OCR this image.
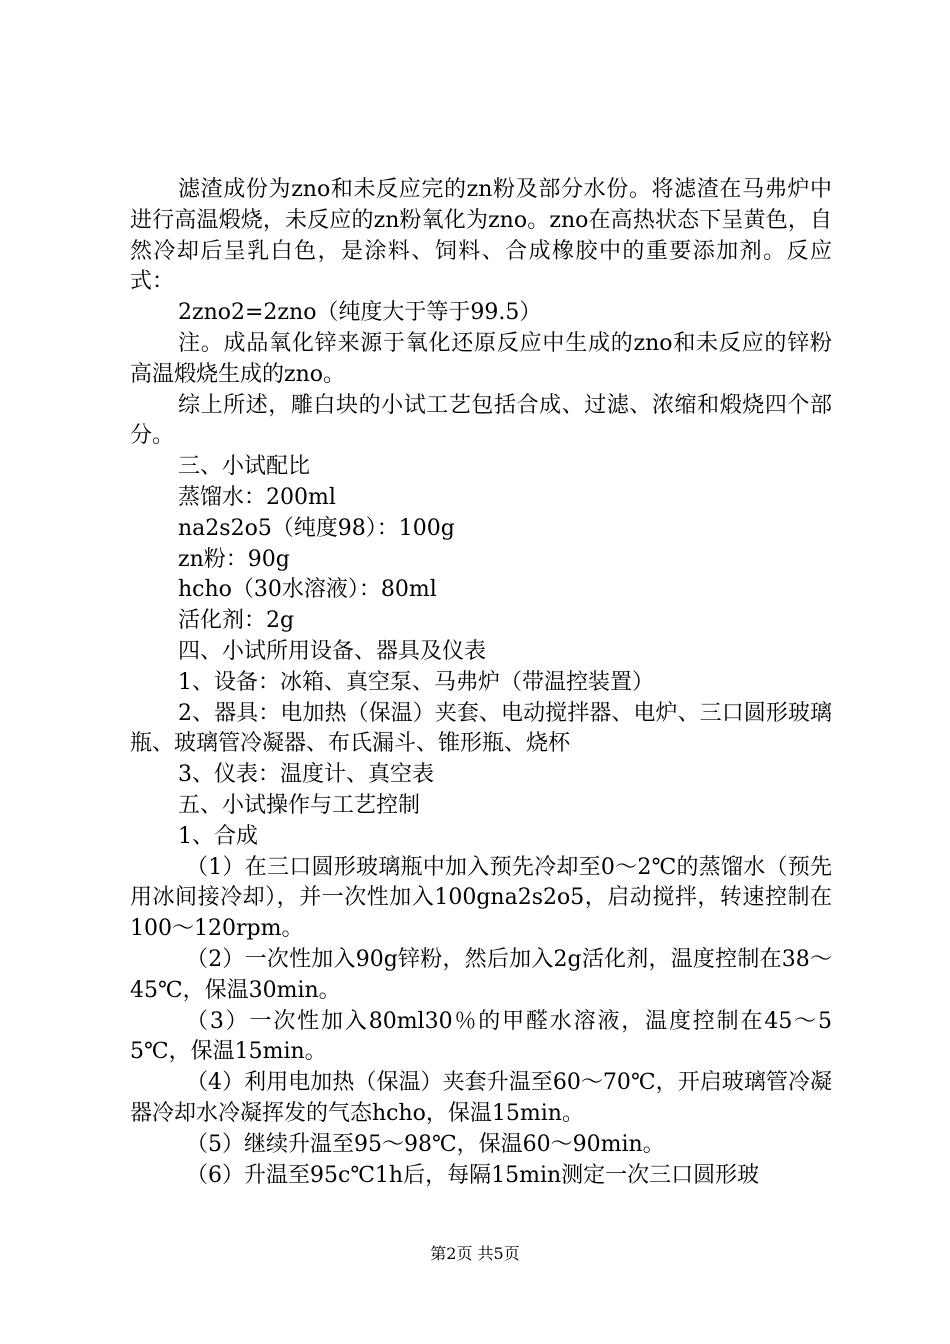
滤渣成份为zno和未反应完的zn粉及部分水份。将滤渣在马弗炉中进行高温煅烧，未反应的zn粉氧化为zno。zno在高热状态下呈黄色，自然冷却后呈乳白色，是涂料、饲料、合成橡胶中的重要添加剂。反应式：

2zno2=2zno（纯度大于等于99.5）

注。成品氧化锌来源于氧化还原反应中生成的zno和未反应的锌粉高温煅烧生成的zno。

综上所述，雕白块的小试工艺包括合成、过滤、浓缩和煅烧四个部分。

三、小试配比

蒸馏水：200ml

na2s2o5（纯度98）：100g

zn粉：90g

hcho（30水溶液）：80ml

活化剂：2g

四、小试所用设备、器具及仪表

1、设备：冰箱、真空泵、马弗炉（带温控装置）

2、器具：电加热（保温）夹套、电动搅拌器、电炉、三口圆形玻璃瓶、玻璃管冷凝器、布氏漏斗、锥形瓶、烧杯

3、仪表：温度计、真空表

五、小试操作与工艺控制

1、合成

（1）在三口圆形玻璃瓶中加入预先冷却至0～2℃的蒸馏水（预先用冰间接冷却），并一次性加入100gna2s2o5，启动搅拌，转速控制在100～120rpm。

（2）一次性加入90g锌粉，然后加入2g活化剂，温度控制在38～45℃，保温30min。

（3）一次性加入80ml30％的甲醛水溶液，温度控制在45～55℃，保温15min。

（4）利用电加热（保温）夹套升温至60～70℃，开启玻璃管冷凝器冷却水冷凝挥发的气态hcho，保温15min。

（5）继续升温至95～98℃，保温60～90min。

（6）升温至95c℃1h后，每隔15min测定一次三口圆形玻

第2页 共5页
